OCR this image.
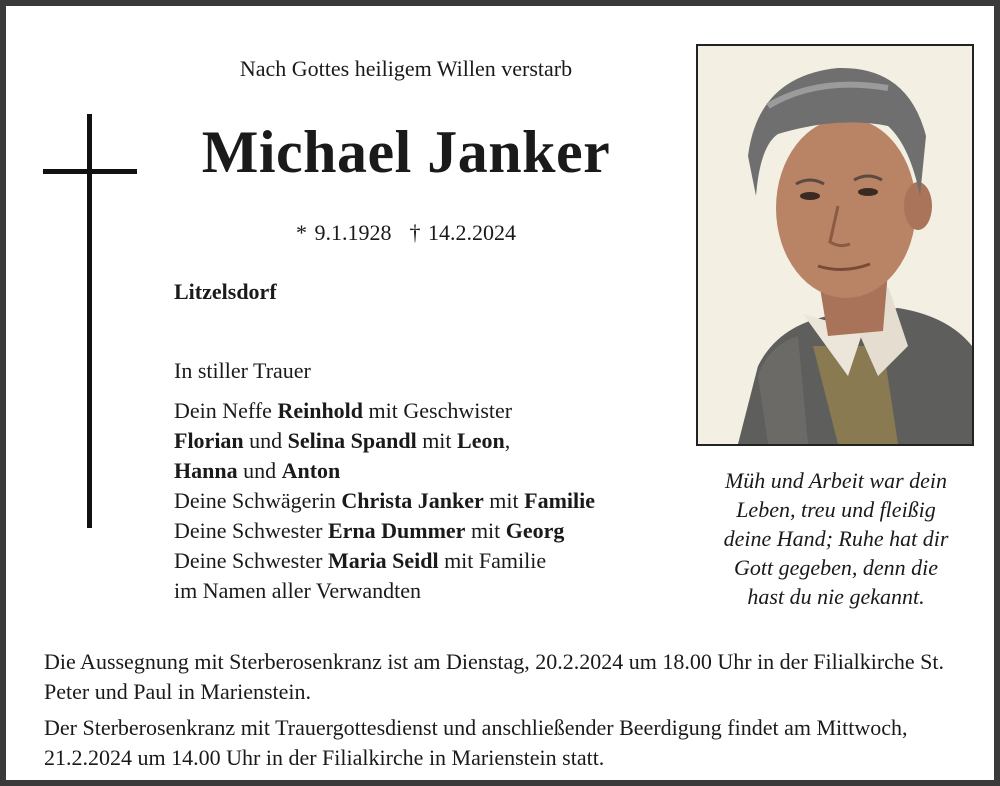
Nach Gottes heiligem Willen verstarb
Michael Janker
* 9.1.1928 † 14.2.2024
Litzelsdorf
In stiller Trauer
Dein Neffe Reinhold mit Geschwister
Florian und Selina Spandl mit Leon,
Hanna und Anton
Deine Schwägerin Christa Janker mit Familie
Deine Schwester Erna Dummer mit Georg
Deine Schwester Maria Seidl mit Familie
im Namen aller Verwandten
Müh und Arbeit war dein
Leben, treu und fleißig
deine Hand; Ruhe hat dir
Gott gegeben, denn die
hast du nie gekannt.
Die Aussegnung mit Sterberosenkranz ist am Dienstag, 20.2.2024 um 18.00 Uhr in der Filialkirche St. Peter und Paul in Marienstein.
Der Sterberosenkranz mit Trauergottesdienst und anschließender Beerdigung findet am Mittwoch, 21.2.2024 um 14.00 Uhr in der Filialkirche in Marienstein statt.
